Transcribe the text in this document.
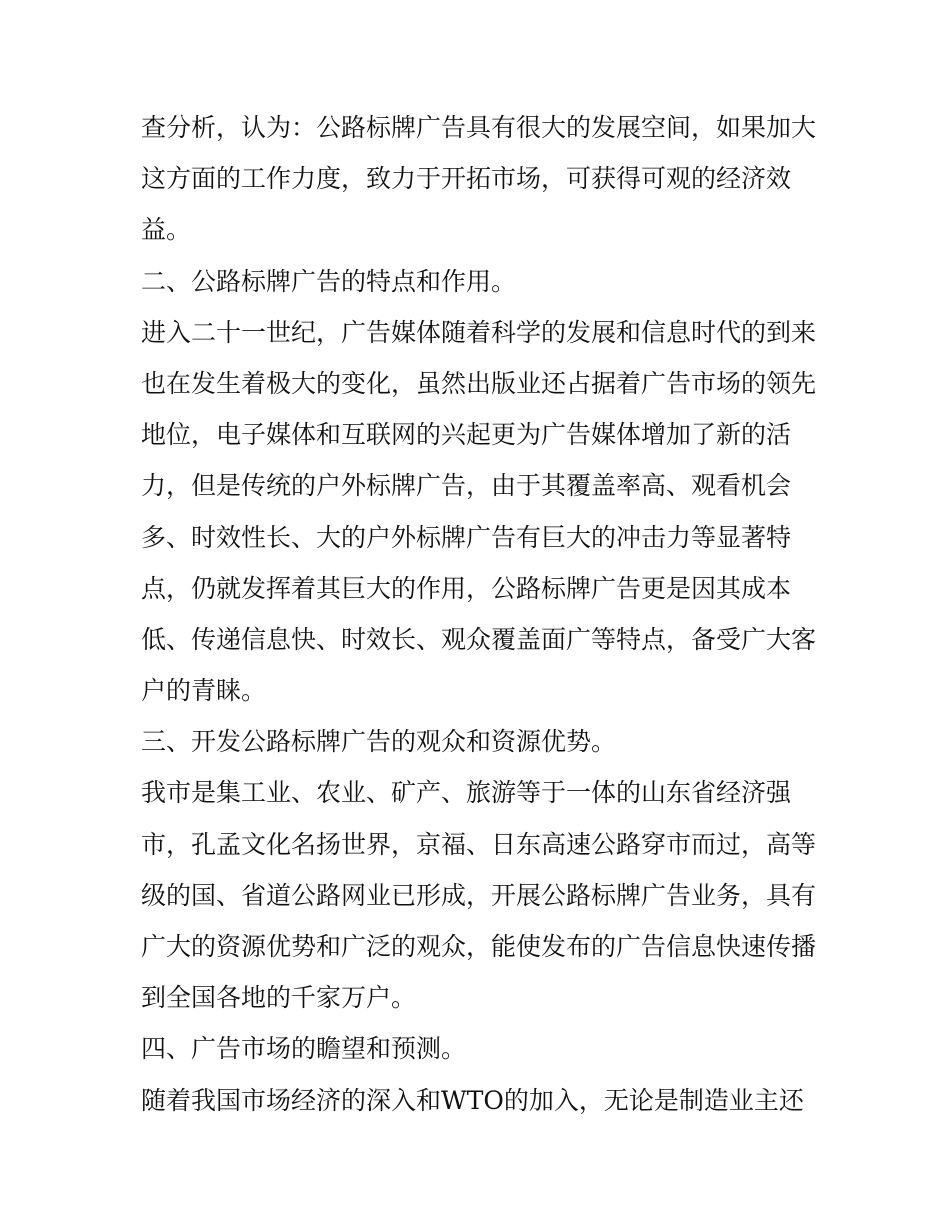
查分析，认为：公路标牌广告具有很大的发展空间，如果加大
这方面的工作力度，致力于开拓市场，可获得可观的经济效
益。
二、公路标牌广告的特点和作用。
进入二十一世纪，广告媒体随着科学的发展和信息时代的到来
也在发生着极大的变化，虽然出版业还占据着广告市场的领先
地位，电子媒体和互联网的兴起更为广告媒体增加了新的活
力，但是传统的户外标牌广告，由于其覆盖率高、观看机会
多、时效性长、大的户外标牌广告有巨大的冲击力等显著特
点，仍就发挥着其巨大的作用，公路标牌广告更是因其成本
低、传递信息快、时效长、观众覆盖面广等特点，备受广大客
户的青睐。
三、开发公路标牌广告的观众和资源优势。
我市是集工业、农业、矿产、旅游等于一体的山东省经济强
市，孔孟文化名扬世界，京福、日东高速公路穿市而过，高等
级的国、省道公路网业已形成，开展公路标牌广告业务，具有
广大的资源优势和广泛的观众，能使发布的广告信息快速传播
到全国各地的千家万户。
四、广告市场的瞻望和预测。
随着我国市场经济的深入和WTO的加入，无论是制造业主还
